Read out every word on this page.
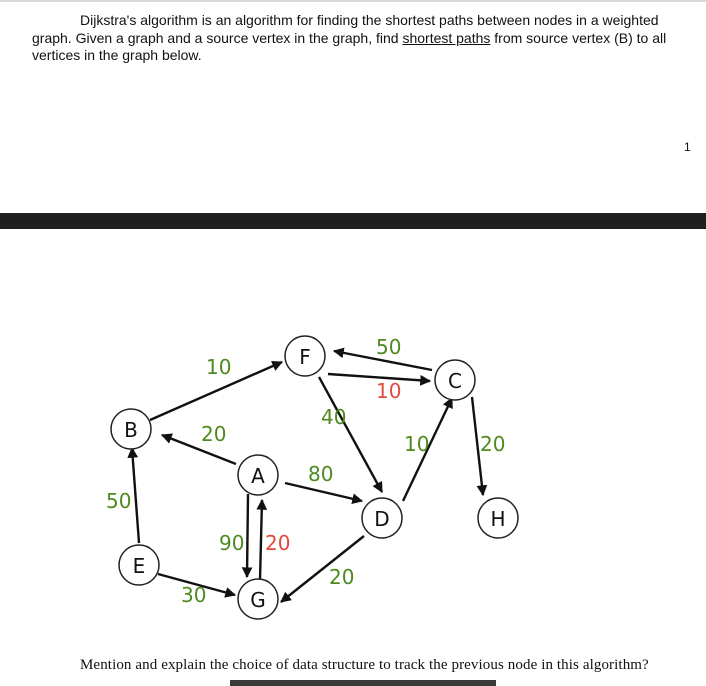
Dijkstra's algorithm is an algorithm for finding the shortest paths between nodes in a weighted graph. Given a graph and a source vertex in the graph, find shortest paths from source vertex (B) to all vertices in the graph below.
1
10
50
10
40
20	10	20
80
50
90 20
30
20
F
C
B
A
D	H
E
G
Mention and explain the choice of data structure to track the previous node in this algorithm?
